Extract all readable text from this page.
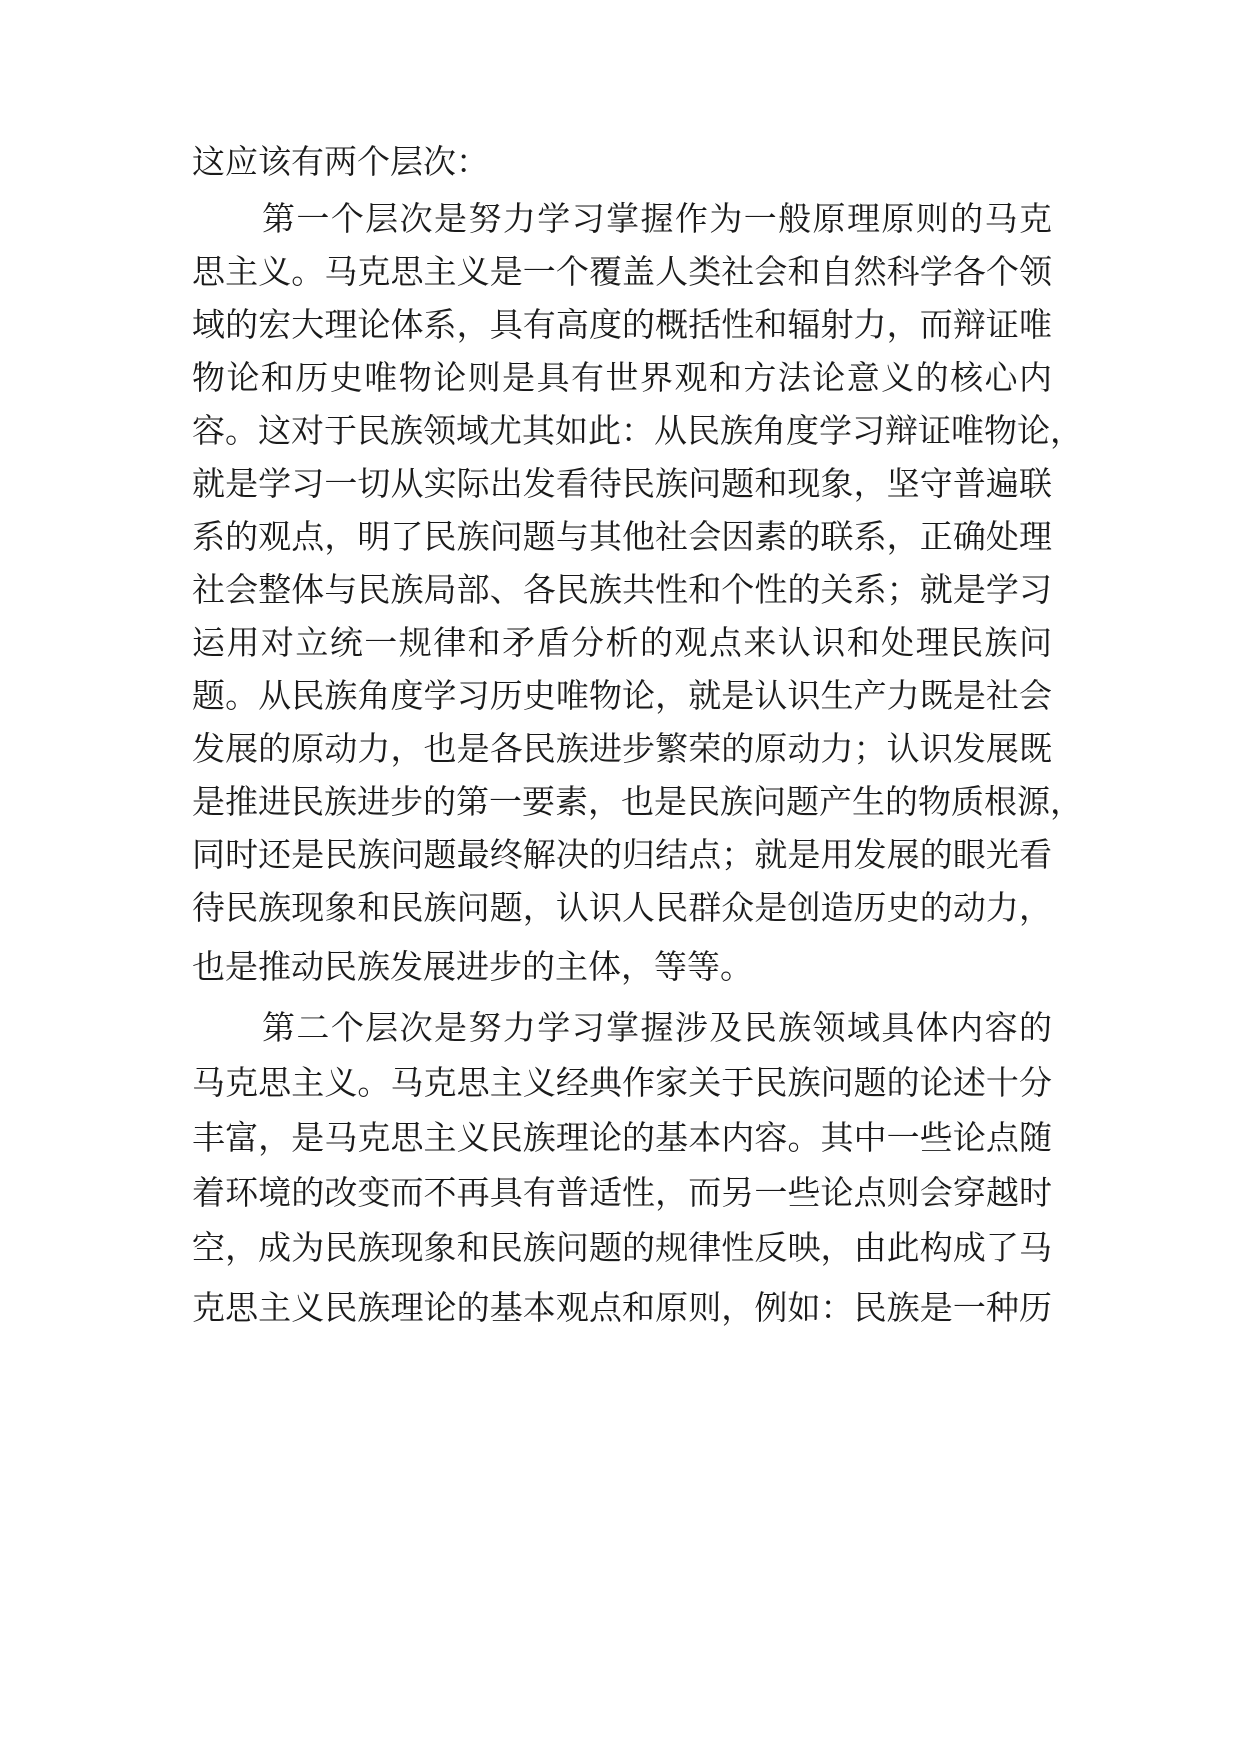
这应该有两个层次：
第一个层次是努力学习掌握作为一般原理原则的马克
思主义。马克思主义是一个覆盖人类社会和自然科学各个领
域的宏大理论体系，具有高度的概括性和辐射力，而辩证唯
物论和历史唯物论则是具有世界观和方法论意义的核心内
容。这对于民族领域尤其如此：从民族角度学习辩证唯物论，
就是学习一切从实际出发看待民族问题和现象，坚守普遍联
系的观点，明了民族问题与其他社会因素的联系，正确处理
社会整体与民族局部、各民族共性和个性的关系；就是学习
运用对立统一规律和矛盾分析的观点来认识和处理民族问
题。从民族角度学习历史唯物论，就是认识生产力既是社会
发展的原动力，也是各民族进步繁荣的原动力；认识发展既
是推进民族进步的第一要素，也是民族问题产生的物质根源，
同时还是民族问题最终解决的归结点；就是用发展的眼光看
待民族现象和民族问题，认识人民群众是创造历史的动力，
也是推动民族发展进步的主体，等等。
第二个层次是努力学习掌握涉及民族领域具体内容的
马克思主义。马克思主义经典作家关于民族问题的论述十分
丰富，是马克思主义民族理论的基本内容。其中一些论点随
着环境的改变而不再具有普适性，而另一些论点则会穿越时
空，成为民族现象和民族问题的规律性反映，由此构成了马
克思主义民族理论的基本观点和原则，例如：民族是一种历
